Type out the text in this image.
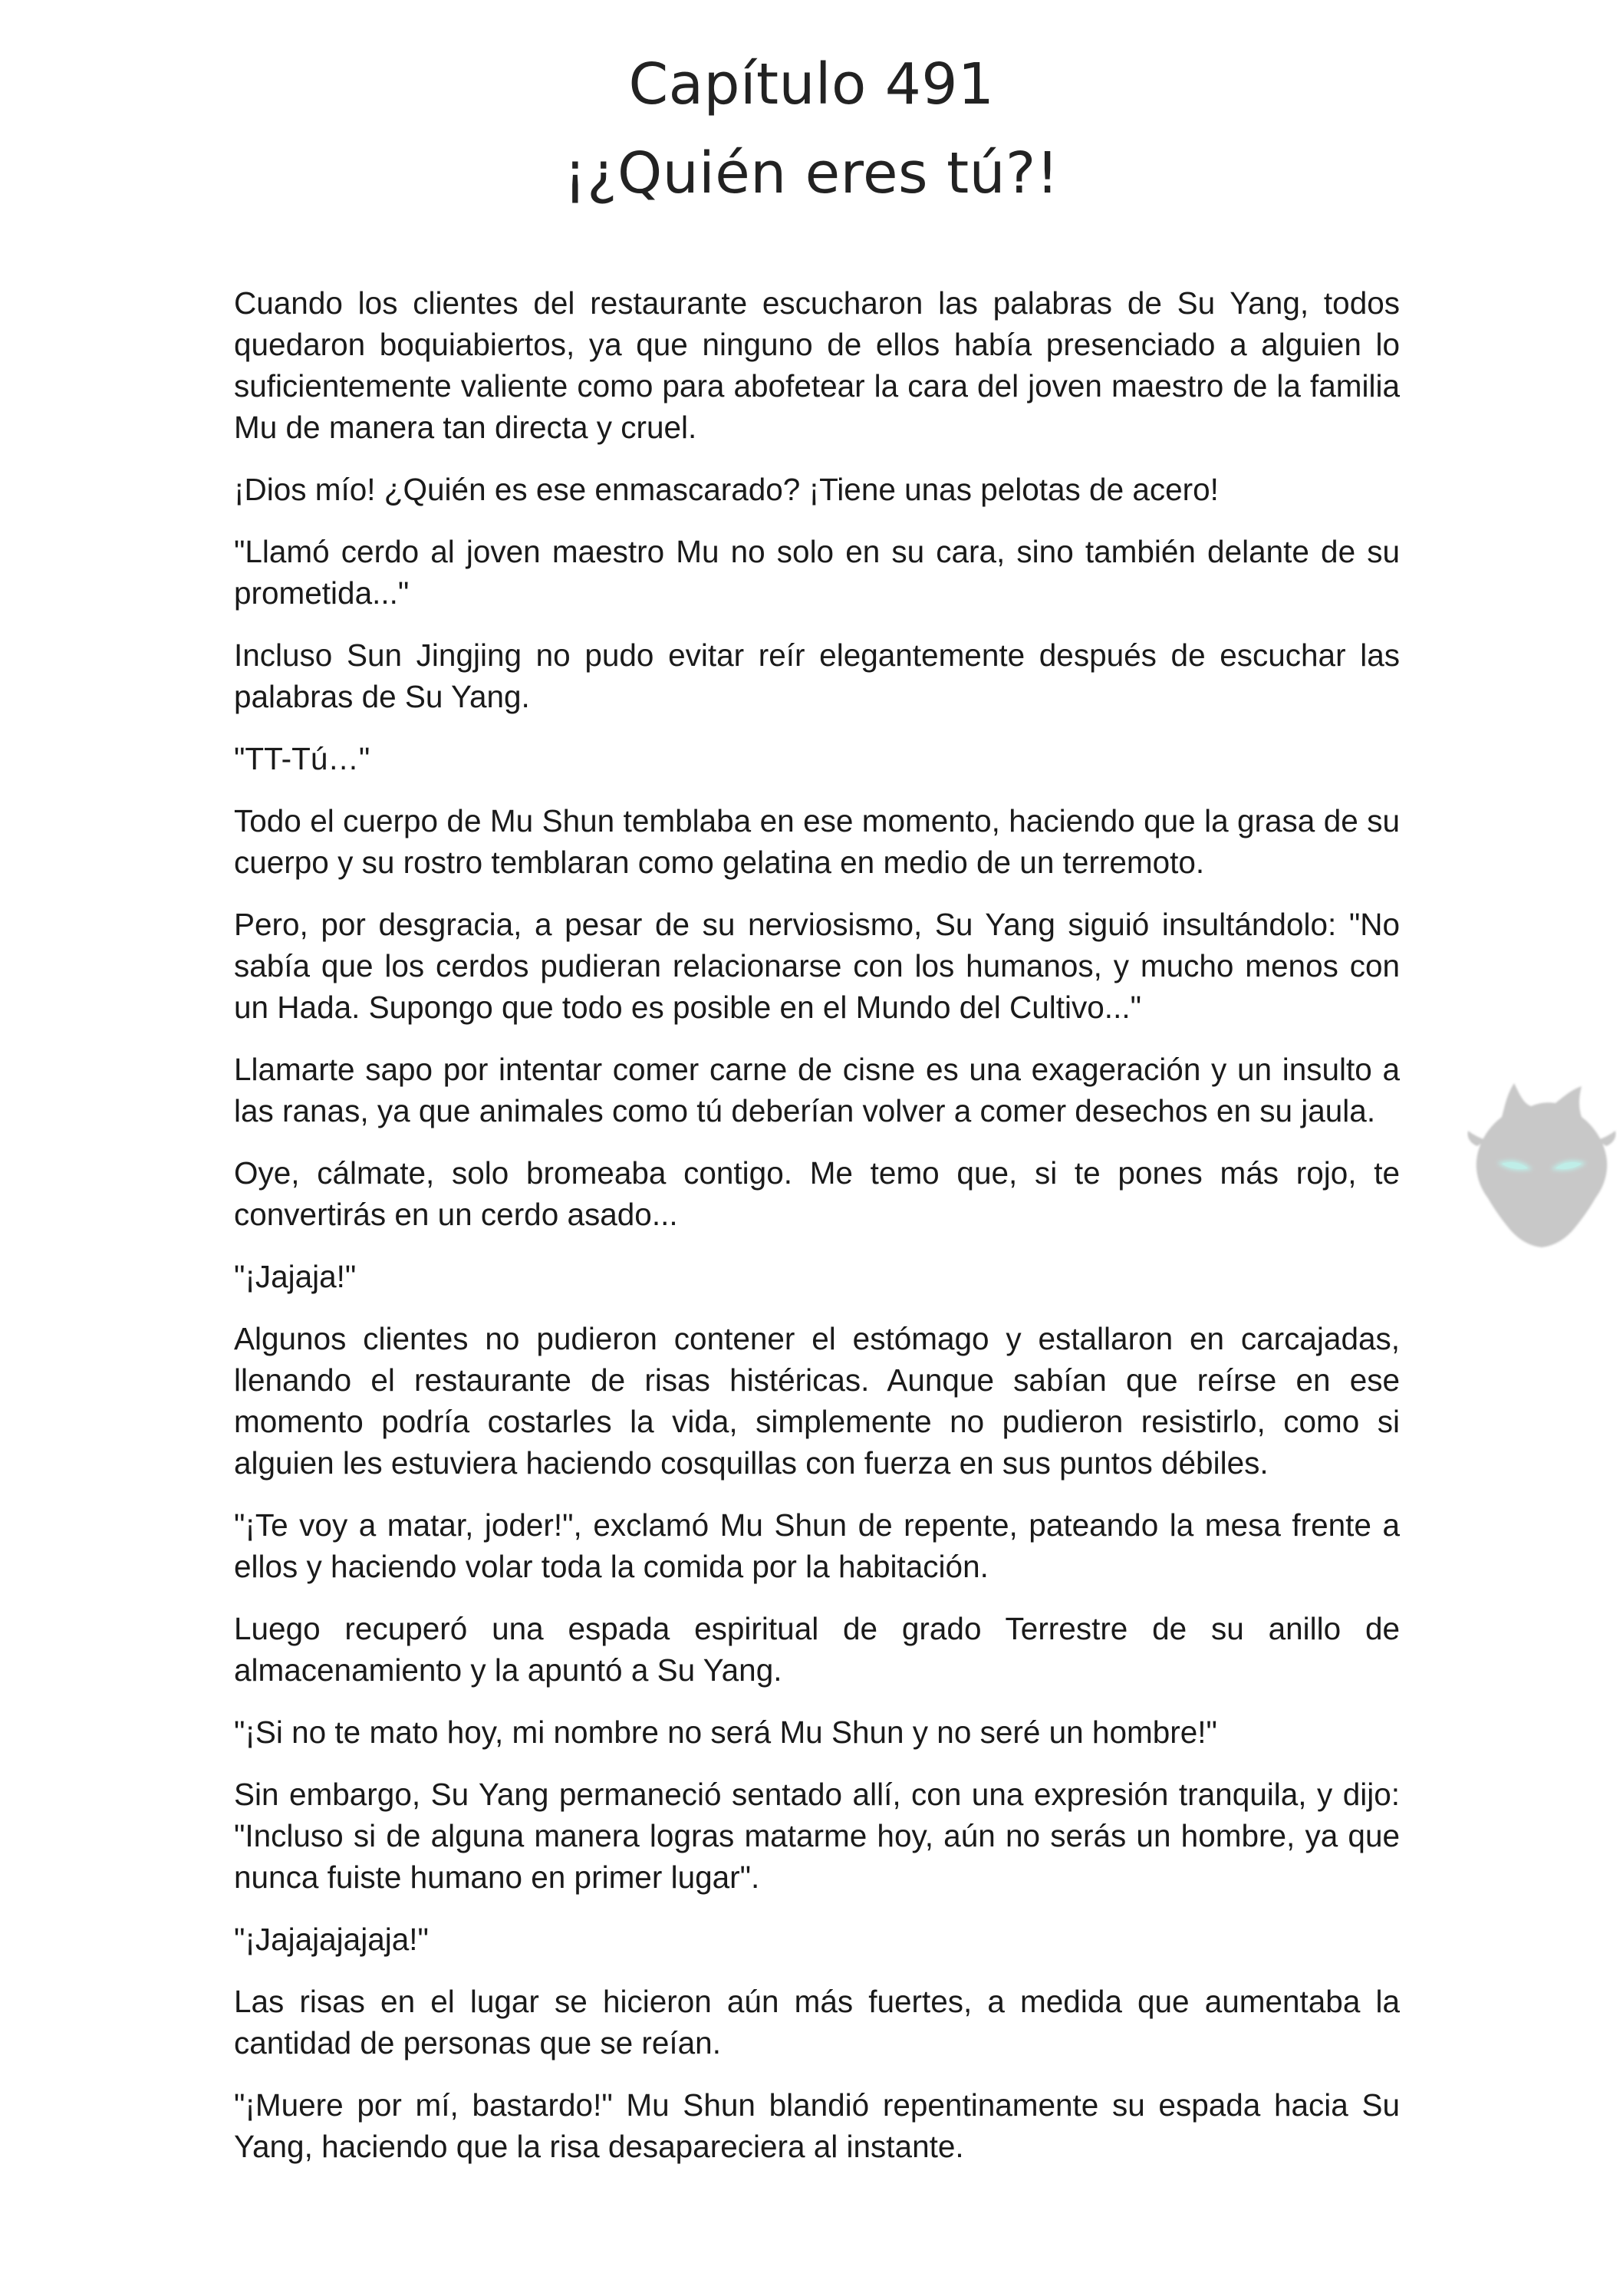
Capítulo 491
¡¿Quién eres tú?!

Cuando los clientes del restaurante escucharon las palabras de Su Yang, todos quedaron boquiabiertos, ya que ninguno de ellos había presenciado a alguien lo suficientemente valiente como para abofetear la cara del joven maestro de la familia Mu de manera tan directa y cruel.

¡Dios mío! ¿Quién es ese enmascarado? ¡Tiene unas pelotas de acero!

"Llamó cerdo al joven maestro Mu no solo en su cara, sino también delante de su prometida..."

Incluso Sun Jingjing no pudo evitar reír elegantemente después de escuchar las palabras de Su Yang.

"TT-Tú…"

Todo el cuerpo de Mu Shun temblaba en ese momento, haciendo que la grasa de su cuerpo y su rostro temblaran como gelatina en medio de un terremoto.

Pero, por desgracia, a pesar de su nerviosismo, Su Yang siguió insultándolo: "No sabía que los cerdos pudieran relacionarse con los humanos, y mucho menos con un Hada. Supongo que todo es posible en el Mundo del Cultivo..."

Llamarte sapo por intentar comer carne de cisne es una exageración y un insulto a las ranas, ya que animales como tú deberían volver a comer desechos en su jaula.

Oye, cálmate, solo bromeaba contigo. Me temo que, si te pones más rojo, te convertirás en un cerdo asado...

"¡Jajaja!"

Algunos clientes no pudieron contener el estómago y estallaron en carcajadas, llenando el restaurante de risas histéricas. Aunque sabían que reírse en ese momento podría costarles la vida, simplemente no pudieron resistirlo, como si alguien les estuviera haciendo cosquillas con fuerza en sus puntos débiles.

"¡Te voy a matar, joder!", exclamó Mu Shun de repente, pateando la mesa frente a ellos y haciendo volar toda la comida por la habitación.

Luego recuperó una espada espiritual de grado Terrestre de su anillo de almacenamiento y la apuntó a Su Yang.

"¡Si no te mato hoy, mi nombre no será Mu Shun y no seré un hombre!"

Sin embargo, Su Yang permaneció sentado allí, con una expresión tranquila, y dijo: "Incluso si de alguna manera logras matarme hoy, aún no serás un hombre, ya que nunca fuiste humano en primer lugar".

"¡Jajajajajaja!"

Las risas en el lugar se hicieron aún más fuertes, a medida que aumentaba la cantidad de personas que se reían.

"¡Muere por mí, bastardo!" Mu Shun blandió repentinamente su espada hacia Su Yang, haciendo que la risa desapareciera al instante.
